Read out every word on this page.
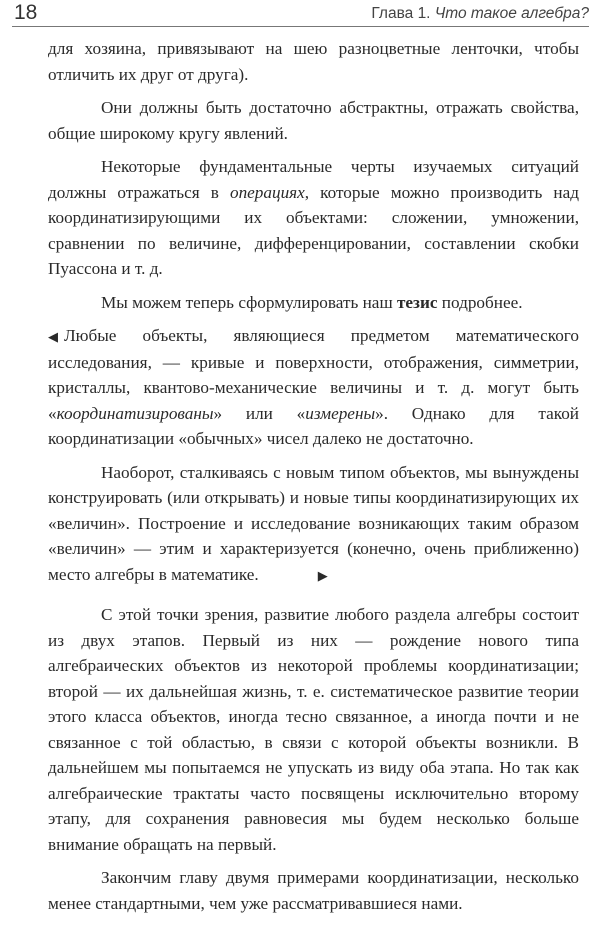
18	Глава 1. Что такое алгебра?

для хозяина, привязывают на шею разноцветные ленточки, чтобы отличить их друг от друга).

Они должны быть достаточно абстрактны, отражать свойства, общие широкому кругу явлений.

Некоторые фундаментальные черты изучаемых ситуаций должны отражаться в операциях, которые можно производить над координатизирующими их объектами: сложении, умножении, сравнении по величине, дифференцировании, составлении скобки Пуассона и т. д.

Мы можем теперь сформулировать наш тезис подробнее.

◀ Любые объекты, являющиеся предметом математического исследования, — кривые и поверхности, отображения, симметрии, кристаллы, квантово-механические величины и т. д. могут быть «координатизированы» или «измерены». Однако для такой координатизации «обычных» чисел далеко не достаточно.

Наоборот, сталкиваясь с новым типом объектов, мы вынуждены конструировать (или открывать) и новые типы координатизирующих их «величин». Построение и исследование возникающих таким образом «величин» — этим и характеризуется (конечно, очень приближенно) место алгебры в математике.	▶

С этой точки зрения, развитие любого раздела алгебры состоит из двух этапов. Первый из них — рождение нового типа алгебраических объектов из некоторой проблемы координатизации; второй — их дальнейшая жизнь, т. е. систематическое развитие теории этого класса объектов, иногда тесно связанное, а иногда почти и не связанное с той областью, в связи с которой объекты возникли. В дальнейшем мы попытаемся не упускать из виду оба этапа. Но так как алгебраические трактаты часто посвящены исключительно второму этапу, для сохранения равновесия мы будем несколько больше внимание обращать на первый.

Закончим главу двумя примерами координатизации, несколько менее стандартными, чем уже рассматривавшиеся нами.
